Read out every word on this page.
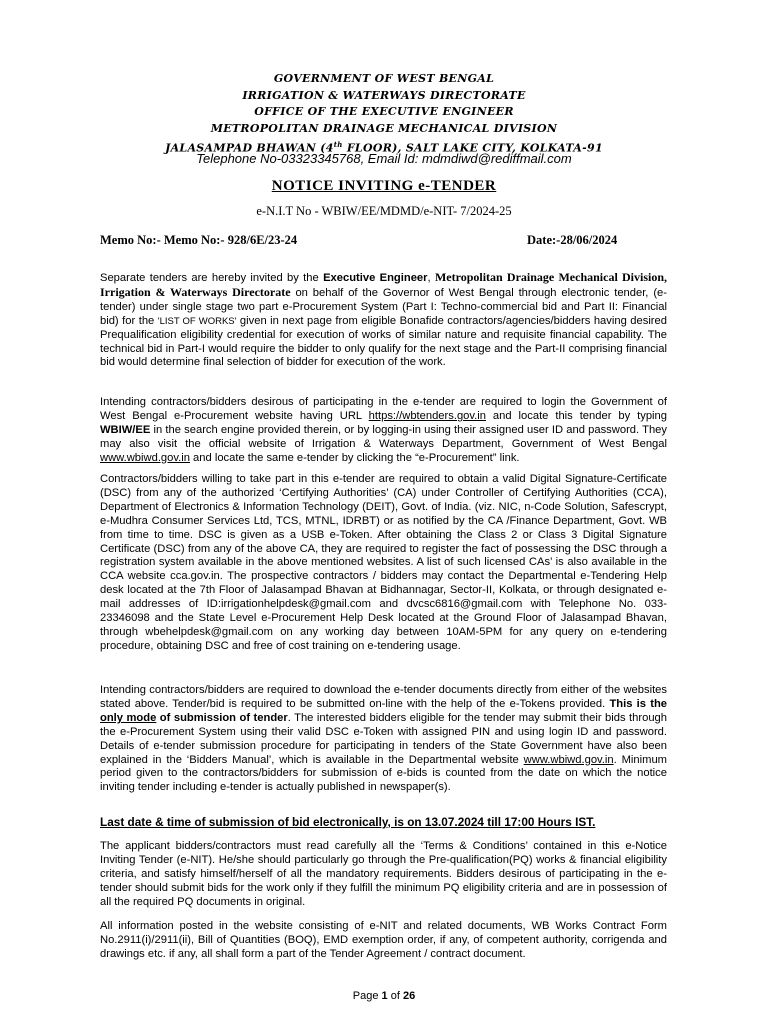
GOVERNMENT OF WEST BENGAL
IRRIGATION & WATERWAYS DIRECTORATE
OFFICE OF THE EXECUTIVE ENGINEER
METROPOLITAN DRAINAGE MECHANICAL DIVISION
JALASAMPAD BHAWAN (4th FLOOR), SALT LAKE CITY, KOLKATA-91
Telephone No-03323345768, Email Id: mdmdiwd@rediffmail.com
NOTICE INVITING e-TENDER
e-N.I.T No - WBIW/EE/MDMD/e-NIT- 7/2024-25
Memo No:- Memo No:- 928/6E/23-24	Date:-28/06/2024
Separate tenders are hereby invited by the Executive Engineer, Metropolitan Drainage Mechanical Division, Irrigation & Waterways Directorate on behalf of the Governor of West Bengal through electronic tender, (e-tender) under single stage two part e-Procurement System (Part I: Techno-commercial bid and Part II: Financial bid) for the 'LIST OF WORKS' given in next page from eligible Bonafide contractors/agencies/bidders having desired Prequalification eligibility credential for execution of works of similar nature and requisite financial capability. The technical bid in Part-I would require the bidder to only qualify for the next stage and the Part-II comprising financial bid would determine final selection of bidder for execution of the work.
Intending contractors/bidders desirous of participating in the e-tender are required to login the Government of West Bengal e-Procurement website having URL https://wbtenders.gov.in and locate this tender by typing WBIW/EE in the search engine provided therein, or by logging-in using their assigned user ID and password. They may also visit the official website of Irrigation & Waterways Department, Government of West Bengal www.wbiwd.gov.in and locate the same e-tender by clicking the “e-Procurement” link.
Contractors/bidders willing to take part in this e-tender are required to obtain a valid Digital Signature-Certificate (DSC) from any of the authorized ‘Certifying Authorities’ (CA) under Controller of Certifying Authorities (CCA), Department of Electronics & Information Technology (DEIT), Govt. of India. (viz. NIC, n-Code Solution, Safescrypt, e-Mudhra Consumer Services Ltd, TCS, MTNL, IDRBT) or as notified by the CA /Finance Department, Govt. WB from time to time. DSC is given as a USB e-Token. After obtaining the Class 2 or Class 3 Digital Signature Certificate (DSC) from any of the above CA, they are required to register the fact of possessing the DSC through a registration system available in the above mentioned websites. A list of such licensed CAs’ is also available in the CCA website cca.gov.in. The prospective contractors / bidders may contact the Departmental e-Tendering Help desk located at the 7th Floor of Jalasampad Bhavan at Bidhannagar, Sector-II, Kolkata, or through designated e-mail addresses of ID:irrigationhelpdesk@gmail.com and dvcsc6816@gmail.com with Telephone No. 033-23346098 and the State Level e-Procurement Help Desk located at the Ground Floor of Jalasampad Bhavan, through wbehelpdesk@gmail.com on any working day between 10AM-5PM for any query on e-tendering procedure, obtaining DSC and free of cost training on e-tendering usage.
Intending contractors/bidders are required to download the e-tender documents directly from either of the websites stated above. Tender/bid is required to be submitted on-line with the help of the e-Tokens provided. This is the only mode of submission of tender. The interested bidders eligible for the tender may submit their bids through the e-Procurement System using their valid DSC e-Token with assigned PIN and using login ID and password. Details of e-tender submission procedure for participating in tenders of the State Government have also been explained in the ‘Bidders Manual’, which is available in the Departmental website www.wbiwd.gov.in. Minimum period given to the contractors/bidders for submission of e-bids is counted from the date on which the notice inviting tender including e-tender is actually published in newspaper(s).
Last date & time of submission of bid electronically, is on 13.07.2024 till 17:00 Hours IST.
The applicant bidders/contractors must read carefully all the ‘Terms & Conditions’ contained in this e-Notice Inviting Tender (e-NIT). He/she should particularly go through the Pre-qualification(PQ) works & financial eligibility criteria, and satisfy himself/herself of all the mandatory requirements. Bidders desirous of participating in the e-tender should submit bids for the work only if they fulfill the minimum PQ eligibility criteria and are in possession of all the required PQ documents in original.
All information posted in the website consisting of e-NIT and related documents, WB Works Contract Form No.2911(i)/2911(ii), Bill of Quantities (BOQ), EMD exemption order, if any, of competent authority, corrigenda and drawings etc. if any, all shall form a part of the Tender Agreement / contract document.
Page 1 of 26
